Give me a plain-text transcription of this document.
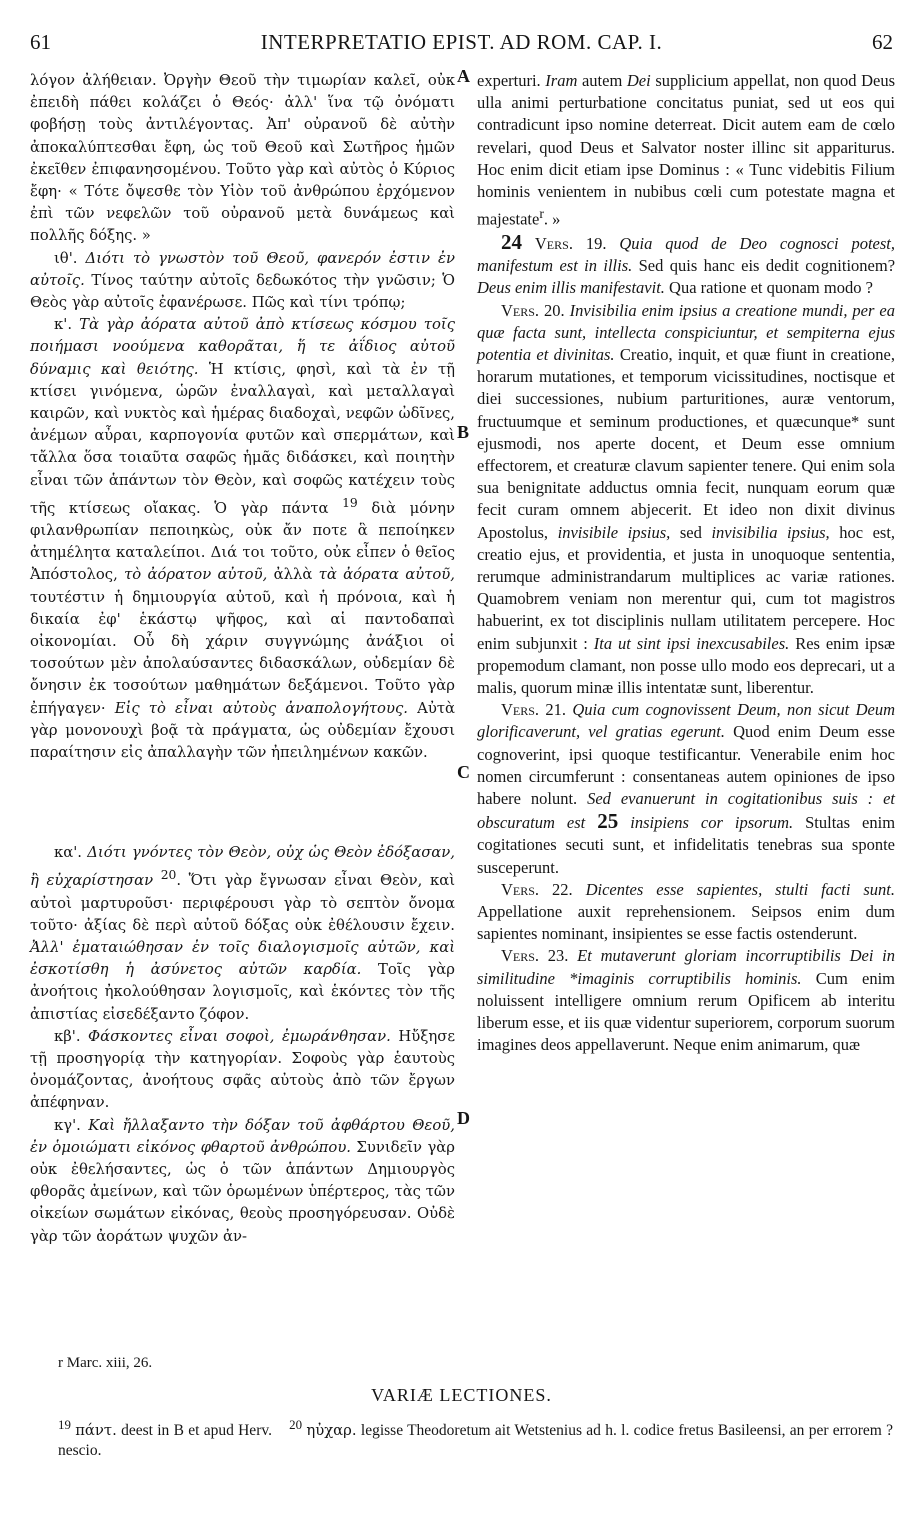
61	INTERPRETATIO EPIST. AD ROM. CAP. I.	62
A
B
C
D

λόγον ἀλήθειαν. Ὀργὴν Θεοῦ τὴν τιμωρίαν καλεῖ, οὐκ ἐπειδὴ πάθει κολάζει ὁ Θεός· ἀλλ' ἵνα τῷ ὀνόματι φοβήσῃ τοὺς ἀντιλέγοντας. Ἀπ' οὐρανοῦ δὲ αὐτὴν ἀποκαλύπτεσθαι ἔφη, ὡς τοῦ Θεοῦ καὶ Σωτῆρος ἡμῶν ἐκεῖθεν ἐπιφανησομένου. Τοῦτο γὰρ καὶ αὐτὸς ὁ Κύριος ἔφη· « Τότε ὄψεσθε τὸν Υἱὸν τοῦ ἀνθρώπου ἐρχόμενον ἐπὶ τῶν νεφελῶν τοῦ οὐρανοῦ μετὰ δυνάμεως καὶ πολλῆς δόξης. »

ιθ'. Διότι τὸ γνωστὸν τοῦ Θεοῦ, φανερόν ἐστιν ἐν αὐτοῖς. Τίνος ταύτην αὐτοῖς δεδωκότος τὴν γνῶσιν; Ὁ Θεὸς γὰρ αὐτοῖς ἐφανέρωσε. Πῶς καὶ τίνι τρόπῳ;

κ'. Τὰ γὰρ ἀόρατα αὐτοῦ ἀπὸ κτίσεως κόσμου τοῖς ποιήμασι νοούμενα καθορᾶται, ἥ τε ἀΐδιος αὐτοῦ δύναμις καὶ θειότης. Ἡ κτίσις, φησὶ, καὶ τὰ ἐν τῇ κτίσει γινόμενα, ὡρῶν ἐναλλαγαὶ, καὶ μεταλλαγαὶ καιρῶν, καὶ νυκτὸς καὶ ἡμέρας διαδοχαὶ, νεφῶν ὠδῖνες, ἀνέμων αὖραι, καρπογονία φυτῶν καὶ σπερμάτων, καὶ τἄλλα ὅσα τοιαῦτα σαφῶς ἡμᾶς διδάσκει, καὶ ποιητὴν εἶναι τῶν ἁπάντων τὸν Θεὸν, καὶ σοφῶς κατέχειν τοὺς τῆς κτίσεως οἴακας. Ὁ γὰρ πάντα $^{19}$ διὰ μόνην φιλανθρωπίαν πεποιηκὼς, οὐκ ἄν ποτε ἃ πεποίηκεν ἀτημέλητα καταλείποι. Διά τοι τοῦτο, οὐκ εἶπεν ὁ θεῖος Ἀπόστολος, τὸ ἀόρατον αὐτοῦ, ἀλλὰ τὰ ἀόρατα αὐτοῦ, τουτέστιν ἡ δημιουργία αὐτοῦ, καὶ ἡ πρόνοια, καὶ ἡ δικαία ἐφ' ἑκάστῳ ψῆφος, καὶ αἱ παντοδαπαὶ οἰκονομίαι. Οὗ δὴ χάριν συγγνώμης ἀνάξιοι οἱ τοσούτων μὲν ἀπολαύσαντες διδασκάλων, οὐδεμίαν δὲ ὄνησιν ἐκ τοσούτων μαθημάτων δεξάμενοι. Τοῦτο γὰρ ἐπήγαγεν· Εἰς τὸ εἶναι αὐτοὺς ἀναπολογήτους. Αὐτὰ γὰρ μονονουχὶ βοᾷ τὰ πράγματα, ὡς οὐδεμίαν ἔχουσι παραίτησιν εἰς ἀπαλλαγὴν τῶν ἠπειλημένων κακῶν.

κα'. Διότι γνόντες τὸν Θεὸν, οὐχ ὡς Θεὸν ἐδόξασαν, ἢ εὐχαρίστησαν $^{20}$. Ὅτι γὰρ ἔγνωσαν εἶναι Θεὸν, καὶ αὐτοὶ μαρτυροῦσι· περιφέρουσι γὰρ τὸ σεπτὸν ὄνομα τοῦτο· ἀξίας δὲ περὶ αὐτοῦ δόξας οὐκ ἐθέλουσιν ἔχειν. Ἀλλ' ἐματαιώθησαν ἐν τοῖς διαλογισμοῖς αὐτῶν, καὶ ἐσκοτίσθη ἡ ἀσύνετος αὐτῶν καρδία. Τοῖς γὰρ ἀνοήτοις ἠκολούθησαν λογισμοῖς, καὶ ἑκόντες τὸν τῆς ἀπιστίας εἰσεδέξαντο ζόφον.

κβ'. Φάσκοντες εἶναι σοφοὶ, ἐμωράνθησαν. Ηὔξησε τῇ προσηγορίᾳ τὴν κατηγορίαν. Σοφοὺς γὰρ ἑαυτοὺς ὀνομάζοντας, ἀνοήτους σφᾶς αὐτοὺς ἀπὸ τῶν ἔργων ἀπέφηναν.

κγ'. Καὶ ἤλλαξαντο τὴν δόξαν τοῦ ἀφθάρτου Θεοῦ, ἐν ὁμοιώματι εἰκόνος φθαρτοῦ ἀνθρώπου. Συνιδεῖν γὰρ οὐκ ἐθελήσαντες, ὡς ὁ τῶν ἁπάντων Δημιουργὸς φθορᾶς ἀμείνων, καὶ τῶν ὁρωμένων ὑπέρτερος, τὰς τῶν οἰκείων σωμάτων εἰκόνας, θεοὺς προσηγόρευσαν. Οὐδὲ γὰρ τῶν ἀοράτων ψυχῶν ἀν-

experturi. Iram autem Dei supplicium appellat, non quod Deus ulla animi perturbatione concitatus puniat, sed ut eos qui contradicunt ipso nomine deterreat. Dicit autem eam de cœlo revelari, quod Deus et Salvator noster illinc sit appariturus. Hoc enim dicit etiam ipse Dominus : « Tunc videbitis Filium hominis venientem in nubibus cœli cum potestate magna et majestate$^r$. »

24 Vers. 19. Quia quod de Deo cognosci potest, manifestum est in illis. Sed quis hanc eis dedit cognitionem? Deus enim illis manifestavit. Qua ratione et quonam modo ?

Vers. 20. Invisibilia enim ipsius a creatione mundi, per ea quæ facta sunt, intellecta conspiciuntur, et sempiterna ejus potentia et divinitas. Creatio, inquit, et quæ fiunt in creatione, horarum mutationes, et temporum vicissitudines, noctisque et diei successiones, nubium parturitiones, auræ ventorum, fructuumque et seminum productiones, et quæcunque* sunt ejusmodi, nos aperte docent, et Deum esse omnium effectorem, et creaturæ clavum sapienter tenere. Qui enim sola sua benignitate adductus omnia fecit, nunquam eorum quæ fecit curam omnem abjecerit. Et ideo non dixit divinus Apostolus, invisibile ipsius, sed invisibilia ipsius, hoc est, creatio ejus, et providentia, et justa in unoquoque sententia, rerumque administrandarum multiplices ac variæ rationes. Quamobrem veniam non merentur qui, cum tot magistros habuerint, ex tot disciplinis nullam utilitatem percepere. Hoc enim subjunxit : Ita ut sint ipsi inexcusabiles. Res enim ipsæ propemodum clamant, non posse ullo modo eos deprecari, ut a malis, quorum minæ illis intentatæ sunt, liberentur.

Vers. 21. Quia cum cognovissent Deum, non sicut Deum glorificaverunt, vel gratias egerunt. Quod enim Deum esse cognoverint, ipsi quoque testificantur. Venerabile enim hoc nomen circumferunt : consentaneas autem opiniones de ipso habere nolunt. Sed evanuerunt in cogitationibus suis : et obscuratum est 25 insipiens cor ipsorum. Stultas enim cogitationes secuti sunt, et infidelitatis tenebras sua sponte susceperunt.

Vers. 22. Dicentes esse sapientes, stulti facti sunt. Appellatione auxit reprehensionem. Seipsos enim dum sapientes nominant, insipientes se esse factis ostenderunt.

Vers. 23. Et mutaverunt gloriam incorruptibilis Dei in similitudine *imaginis corruptibilis hominis. Cum enim noluissent intelligere omnium rerum Opificem ab interitu liberum esse, et iis quæ videntur superiorem, corporum suorum imagines deos appellaverunt. Neque enim animarum, quæ

r Marc. xiii, 26.
VARIÆ LECTIONES.
$^{19}$ πάντ. deest in B et apud Herv. $^{20}$ ηὐχαρ. legisse Theodoretum ait Wetstenius ad h. l. codice fretus Basileensi, an per errorem ? nescio.
